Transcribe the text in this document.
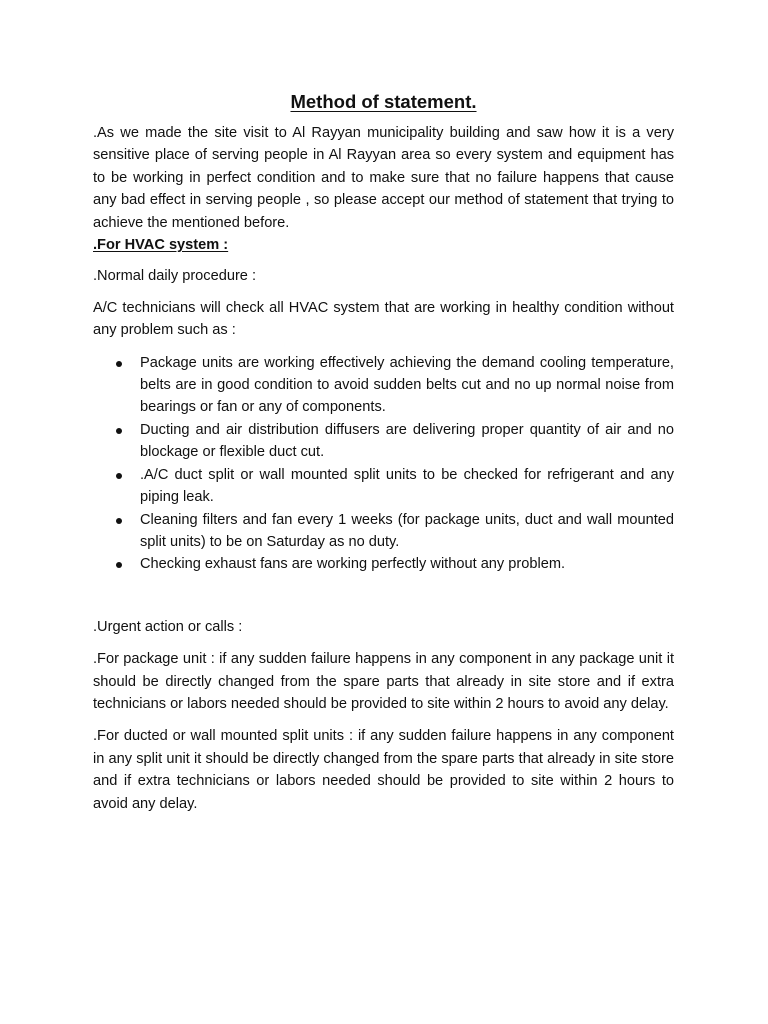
Method of statement.

.As we made the site visit to Al Rayyan municipality building and saw how it is a very sensitive place of serving people in Al Rayyan area so every system and equipment has to be working in perfect condition and to make sure that no failure happens that cause any bad effect in serving people , so please accept our method of statement that trying to achieve the mentioned before.

.For HVAC system :

.Normal daily procedure :

A/C technicians will check all HVAC system that are working in healthy condition without any problem such as :

Package units are working effectively achieving the demand cooling temperature, belts are in good condition to avoid sudden belts cut and no up normal noise from bearings or fan or any of components.
Ducting and air distribution diffusers are delivering proper quantity of air and no blockage or flexible duct cut.
.A/C duct split or wall mounted split units to be checked for refrigerant and any piping leak.
Cleaning filters and fan every 1 weeks (for package units, duct and wall mounted split units) to be on Saturday as no duty.
Checking exhaust fans are working perfectly without any problem.

.Urgent action or calls :

.For package unit : if any sudden failure happens in any component in any package unit it should be directly changed from the spare parts that already in site store and if extra technicians or labors needed should be provided to site within 2 hours to avoid any delay.

.For ducted or wall mounted split units : if any sudden failure happens in any component in any split unit it should be directly changed from the spare parts that already in site store and if extra technicians or labors needed should be provided to site within 2 hours to avoid any delay.
